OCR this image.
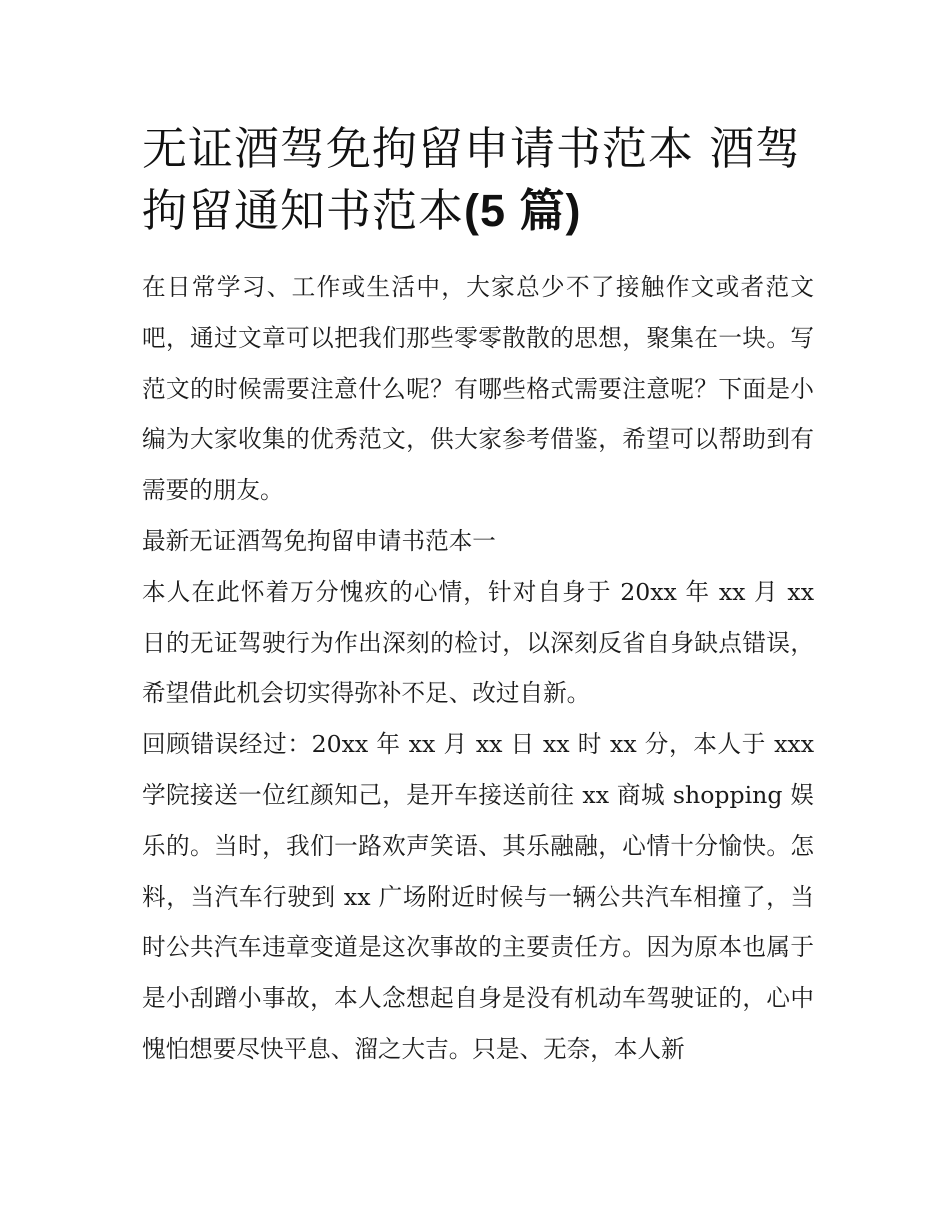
无证酒驾免拘留申请书范本 酒驾拘留通知书范本(5 篇)

在日常学习、工作或生活中，大家总少不了接触作文或者范文吧，通过文章可以把我们那些零零散散的思想，聚集在一块。写范文的时候需要注意什么呢？有哪些格式需要注意呢？下面是小编为大家收集的优秀范文，供大家参考借鉴，希望可以帮助到有需要的朋友。

最新无证酒驾免拘留申请书范本一

本人在此怀着万分愧疚的心情，针对自身于 20xx 年 xx 月 xx 日的无证驾驶行为作出深刻的检讨，以深刻反省自身缺点错误，希望借此机会切实得弥补不足、改过自新。

回顾错误经过：20xx 年 xx 月 xx 日 xx 时 xx 分，本人于 xxx 学院接送一位红颜知己，是开车接送前往 xx 商城 shopping 娱乐的。当时，我们一路欢声笑语、其乐融融，心情十分愉快。怎料，当汽车行驶到 xx 广场附近时候与一辆公共汽车相撞了，当时公共汽车违章变道是这次事故的主要责任方。因为原本也属于是小刮蹭小事故，本人念想起自身是没有机动车驾驶证的，心中愧怕想要尽快平息、溜之大吉。只是、无奈，本人新
